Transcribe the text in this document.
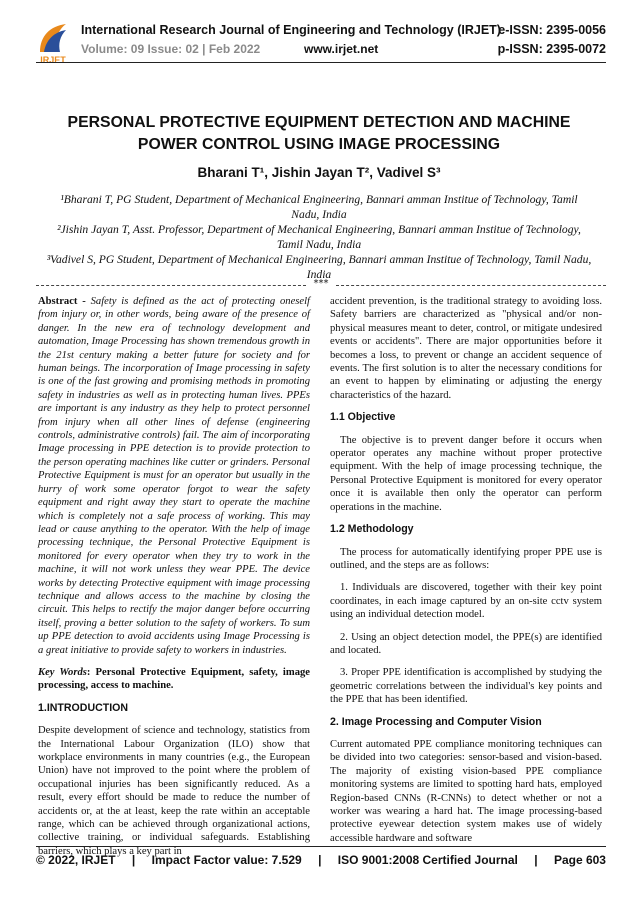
IRJET
International Research Journal of Engineering and Technology (IRJET)
e-ISSN: 2395-0056
Volume: 09 Issue: 02 | Feb 2022	www.irjet.net	p-ISSN: 2395-0072
PERSONAL PROTECTIVE EQUIPMENT DETECTION AND MACHINE
POWER CONTROL USING IMAGE PROCESSING
Bharani T¹, Jishin Jayan T², Vadivel S³

¹Bharani T, PG Student, Department of Mechanical Engineering, Bannari amman Institue of Technology, Tamil Nadu, India

²Jishin Jayan T, Asst. Professor, Department of Mechanical Engineering, Bannari amman Institue of Technology, Tamil Nadu, India

³Vadivel S, PG Student, Department of Mechanical Engineering, Bannari amman Institue of Technology, Tamil Nadu, India

***

Abstract - Safety is defined as the act of protecting oneself from injury or, in other words, being aware of the presence of danger. In the new era of technology development and automation, Image Processing has shown tremendous growth in the 21st century making a better future for society and for human beings. The incorporation of Image processing in safety is one of the fast growing and promising methods in promoting safety in industries as well as in protecting human lives. PPEs are important is any industry as they help to protect personnel from injury when all other lines of defense (engineering controls, administrative controls) fail. The aim of incorporating Image processing in PPE detection is to provide protection to the person operating machines like cutter or grinders. Personal Protective Equipment is must for an operator but usually in the hurry of work some operator forgot to wear the safety equipment and right away they start to operate the machine which is completely not a safe process of working. This may lead or cause anything to the operator. With the help of image processing technique, the Personal Protective Equipment is monitored for every operator when they try to work in the machine, it will not work unless they wear PPE. The device works by detecting Protective equipment with image processing technique and allows access to the machine by closing the circuit. This helps to rectify the major danger before occurring itself, proving a better solution to the safety of workers. To sum up PPE detection to avoid accidents using Image Processing is a great initiative to provide safety to workers in industries.

Key Words: Personal Protective Equipment, safety, image processing, access to machine.

1.INTRODUCTION

Despite development of science and technology, statistics from the International Labour Organization (ILO) show that workplace environments in many countries (e.g., the European Union) have not improved to the point where the problem of occupational injuries has been significantly reduced. As a result, every effort should be made to reduce the number of accidents or, at the at least, keep the rate within an acceptable range, which can be achieved through organizational actions, collective training, or individual safeguards. Establishing barriers, which plays a key part in

accident prevention, is the traditional strategy to avoiding loss. Safety barriers are characterized as "physical and/or non-physical measures meant to deter, control, or mitigate undesired events or accidents". There are major opportunities before it becomes a loss, to prevent or change an accident sequence of events. The first solution is to alter the necessary conditions for an event to happen by eliminating or adjusting the energy characteristics of the hazard.

1.1 Objective

The objective is to prevent danger before it occurs when operator operates any machine without proper protective equipment. With the help of image processing technique, the Personal Protective Equipment is monitored for every operator once it is available then only the operator can perform operations in the machine.

1.2 Methodology

The process for automatically identifying proper PPE use is outlined, and the steps are as follows:

1. Individuals are discovered, together with their key point coordinates, in each image captured by an on-site cctv system using an individual detection model.

2. Using an object detection model, the PPE(s) are identified and located.

3. Proper PPE identification is accomplished by studying the geometric correlations between the individual's key points and the PPE that has been identified.

2. Image Processing and Computer Vision

Current automated PPE compliance monitoring techniques can be divided into two categories: sensor-based and vision-based. The majority of existing vision-based PPE compliance monitoring systems are limited to spotting hard hats, employed Region-based CNNs (R-CNNs) to detect whether or not a worker was wearing a hard hat. The image processing-based protective eyewear detection system makes use of widely accessible hardware and software

© 2022, IRJET | Impact Factor value: 7.529 | ISO 9001:2008 Certified Journal | Page 603
